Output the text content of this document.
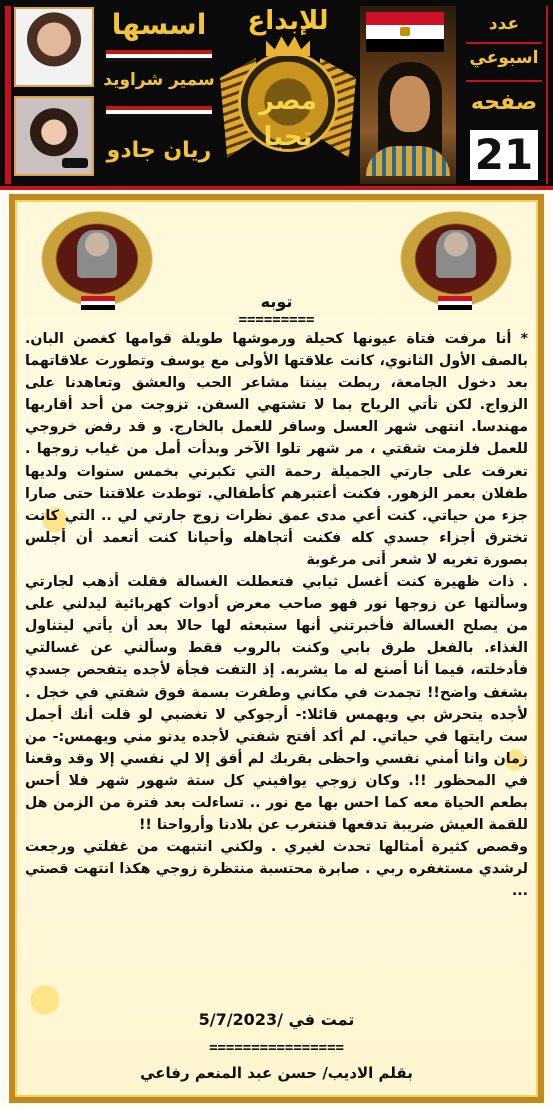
اسسها
سمير شراويد
ريان جادو
للإبداع
مصر
تحيا
عدد
اسبوعي
صفحه
21
توبه
=========

* أنا مرفت فتاة عيونها كحيلة ورموشها طويلة قوامها كغصن البان. بالصف الأول الثانوي، كانت علاقتها الأولى مع يوسف وتطورت علاقاتهما بعد دخول الجامعة، ربطت بيننا مشاعر الحب والعشق وتعاهدنا على الزواج. لكن تأتي الرياح بما لا تشتهي السفن. تزوجت من أحد أقاربها مهندسا. انتهى شهر العسل وسافر للعمل بالخارج. و قد رفض خروجي للعمل فلزمت شقتي ، مر شهر تلوا الآخر وبدأت أمل من غياب زوجها . تعرفت على جارتي الجميلة رحمة التي تكبرني بخمس سنوات ولديها طفلان بعمر الزهور. فكنت أعتبرهم كأطفالي. توطدت علاقتنا حتى صارا جزء من حياتي. كنت أعي مدى عمق نظرات زوج جارتي لي .. التي كانت تخترق أجزاء جسدي كله فكنت أتجاهله وأحيانا كنت أتعمد أن أجلس بصورة تغريه لا شعر أنى مرغوبة

. ذات ظهيرة كنت أغسل ثيابي فتعطلت الغسالة فقلت أذهب لجارتي وسألتها عن زوجها نور فهو صاحب معرض أدوات كهربائية ليدلني على من يصلح الغسالة فأخبرتني أنها ستبعثه لها حالا بعد أن يأتي ليتناول الغذاء. بالفعل طرق بابي وكنت بالروب فقط وسألني عن غسالتي فأدخلته، فيما أنا أصنع له ما يشربه. إذ التفت فجأة لأجده يتفحص جسدي بشغف واضح!! تجمدت في مكاني وطفرت بسمة فوق شفتي في خجل . لأجده يتحرش بي ويهمس قائلا:- أرجوكي لا تغضبي لو قلت أنك أجمل ست رايتها في حياتي. لم أكد أفتح شفتي لأجده يدنو مني ويهمس:- من زمان وانا أمني نفسي واحظى بقربك لم أفق إلا لي نفسي إلا وقد وقعنا في المحظور !!. وكان زوجي يوافيني كل ستة شهور شهر فلا أحس بطعم الحياة معه كما احس بها مع نور .. تساءلت بعد فترة من الزمن هل للقمة العيش ضريبة تدفعها فنتغرب عن بلادنا وأرواحنا !!

وقصص كثيرة أمثالها تحدث لغيري . ولكني انتبهت من غفلتي ورجعت لرشدي مستغفره ربي . صابرة محتسبة منتظرة زوجي هكذا انتهت قصتي ...

تمت في /5/7/2023
================
بقلم الاديب/ حسن عبد المنعم رفاعي
